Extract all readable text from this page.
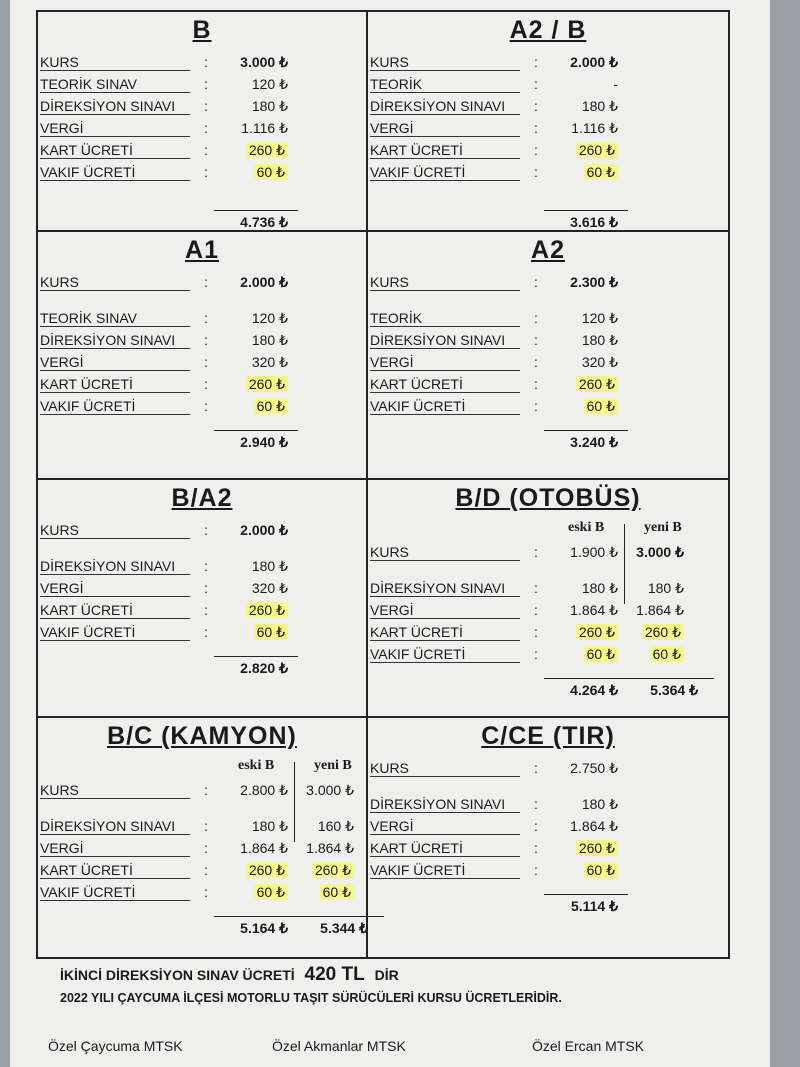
B
KURS	:	3.000 ₺
TEORİK SINAV	:	120 ₺
DİREKSİYON SINAVI	:	180 ₺
VERGİ	:	1.116 ₺
KART ÜCRETİ	:	260 ₺
VAKIF ÜCRETİ	:	60 ₺
4.736 ₺
A2 / B
KURS	:	2.000 ₺
TEORİK	:	-
DİREKSİYON SINAVI	:	180 ₺
VERGİ	:	1.116 ₺
KART ÜCRETİ	:	260 ₺
VAKIF ÜCRETİ	:	60 ₺
3.616 ₺
A1
KURS	:	2.000 ₺
TEORİK SINAV	:	120 ₺
DİREKSİYON SINAVI	:	180 ₺
VERGİ	:	320 ₺
KART ÜCRETİ	:	260 ₺
VAKIF ÜCRETİ	:	60 ₺
2.940 ₺
A2
KURS	:	2.300 ₺
TEORİK	:	120 ₺
DİREKSİYON SINAVI	:	180 ₺
VERGİ	:	320 ₺
KART ÜCRETİ	:	260 ₺
VAKIF ÜCRETİ	:	60 ₺
3.240 ₺
B/A2
KURS	:	2.000 ₺
DİREKSİYON SINAVI	:	180 ₺
VERGİ	:	320 ₺
KART ÜCRETİ	:	260 ₺
VAKIF ÜCRETİ	:	60 ₺
2.820 ₺
B/D (OTOBÜS)
eski B	yeni B
KURS	:	1.900 ₺	3.000 ₺
DİREKSİYON SINAVI	:	180 ₺	180 ₺
VERGİ	:	1.864 ₺	1.864 ₺
KART ÜCRETİ	:	260 ₺	260 ₺
VAKIF ÜCRETİ	:	60 ₺	60 ₺
4.264 ₺	5.364 ₺
B/C (KAMYON)
eski B	yeni B
KURS	:	2.800 ₺	3.000 ₺
DİREKSİYON SINAVI	:	180 ₺	160 ₺
VERGİ	:	1.864 ₺	1.864 ₺
KART ÜCRETİ	:	260 ₺	260 ₺
VAKIF ÜCRETİ	:	60 ₺	60 ₺
5.164 ₺	5.344 ₺
C/CE (TIR)
KURS	:	2.750 ₺
DİREKSİYON SINAVI	:	180 ₺
VERGİ	:	1.864 ₺
KART ÜCRETİ	:	260 ₺
VAKIF ÜCRETİ	:	60 ₺
5.114 ₺
İKİNCİ DİREKSİYON SINAV ÜCRETİ 420 TL DİR
2022 YILI ÇAYCUMA İLÇESİ MOTORLU TAŞIT SÜRÜCÜLERİ KURSU ÜCRETLERİDİR.
Özel Çaycuma MTSK	Özel Akmanlar MTSK	Özel Ercan MTSK
